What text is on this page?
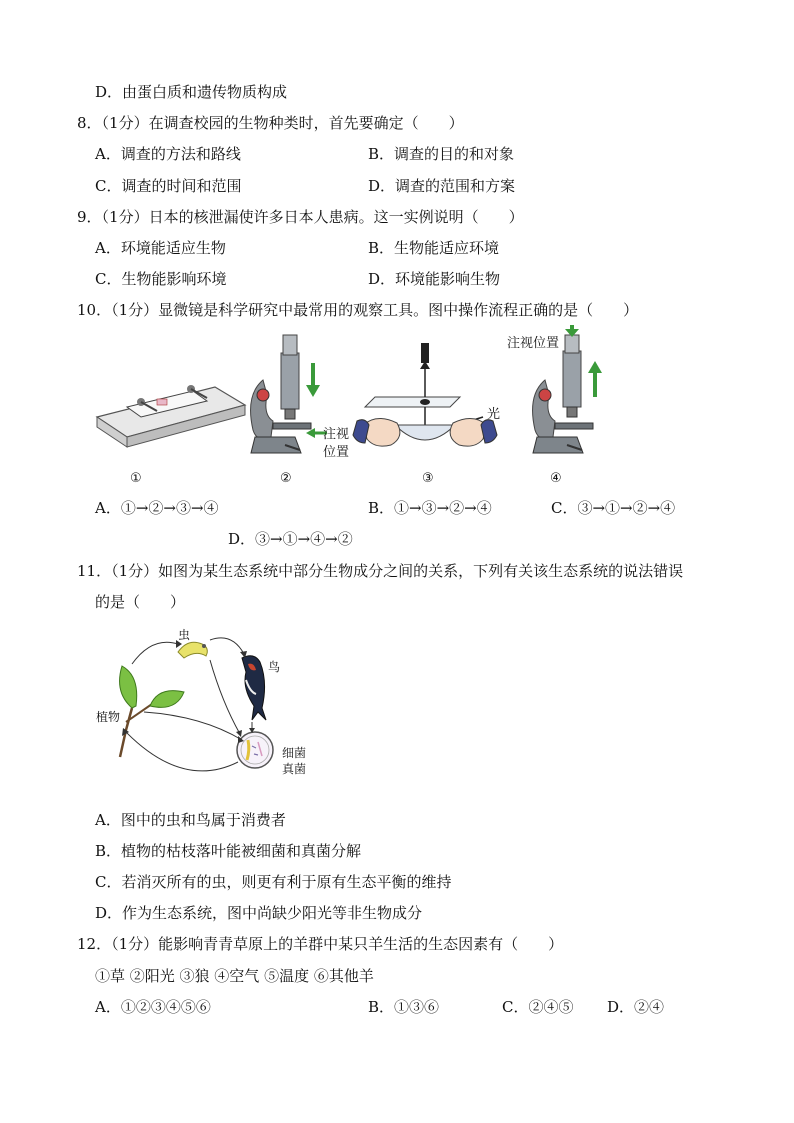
D．由蛋白质和遗传物质构成
8．（1分）在调查校园的生物种类时，首先要确定（　　）
A．调查的方法和路线	B．调查的目的和对象
C．调查的时间和范围	D．调查的范围和方案
9．（1分）日本的核泄漏使许多日本人患病。这一实例说明（　　）
A．环境能适应生物	B．生物能适应环境
C．生物能影响环境	D．环境能影响生物
10．（1分）显微镜是科学研究中最常用的观察工具。图中操作流程正确的是（　　）
注视位置
注视
位置
光
①	②	③	④
A．①→②→③→④	B．①→③→②→④	C．③→①→②→④
D．③→①→④→②
11．（1分）如图为某生态系统中部分生物成分之间的关系，下列有关该生态系统的说法错误
的是（　　）
虫
鸟
植物
细菌
真菌
A．图中的虫和鸟属于消费者
B．植物的枯枝落叶能被细菌和真菌分解
C．若消灭所有的虫，则更有利于原有生态平衡的维持
D．作为生态系统，图中尚缺少阳光等非生物成分
12．（1分）能影响青青草原上的羊群中某只羊生活的生态因素有（　　）
①草 ②阳光 ③狼 ④空气 ⑤温度 ⑥其他羊
A．①②③④⑤⑥	B．①③⑥	C．②④⑤ D．②④
